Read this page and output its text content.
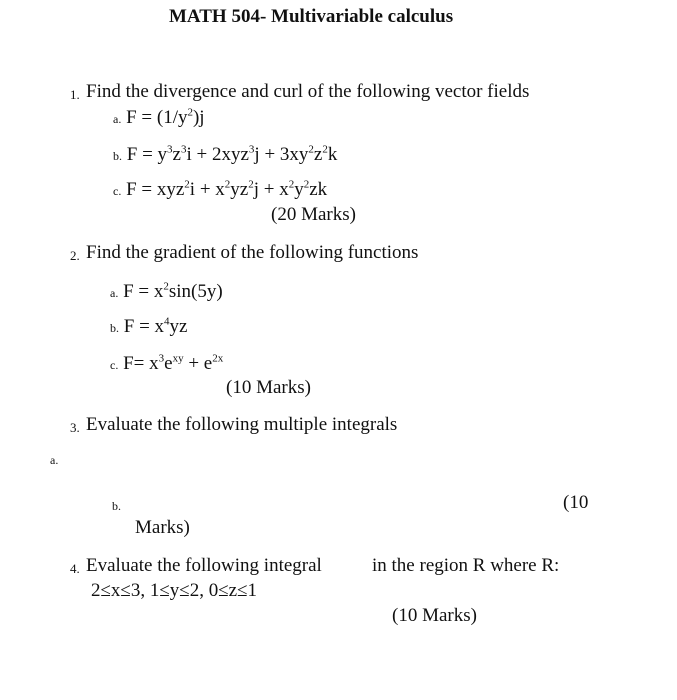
MATH 504- Multivariable calculus
1. Find the divergence and curl of the following vector fields
a. $F = (1/y^2)j$
b. $F = y^3z^3i + 2xyz^3j + 3xy^2z^2k$
c. $F = xyz^2i + x^2yz^2j + x^2y^2zk$
(20 Marks)
2. Find the gradient of the following functions
a. $F = x^2\sin(5y)$
b. $F = x^4yz$
c. $F= x^3e^{xy} + e^{2x}$
(10 Marks)
3. Evaluate the following multiple integrals
a.
b.	(10
Marks)
4. Evaluate the following integral	in the region R where R:
2≤x≤3, 1≤y≤2, 0≤z≤1
(10 Marks)
